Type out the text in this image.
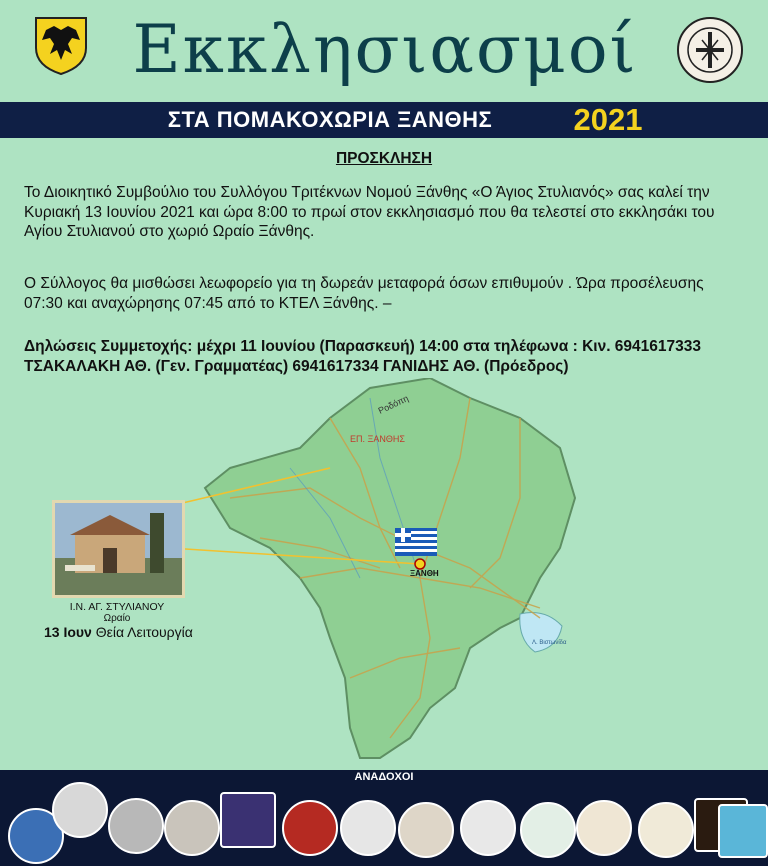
Εκκλησιασμοί
ΣΤΑ ΠΟΜΑΚΟΧΩΡΙΑ ΞΑΝΘΗΣ	2021
ΠΡΟΣΚΛΗΣΗ
Το Διοικητικό Συμβούλιο του Συλλόγου Τριτέκνων Νομού Ξάνθης «Ο Άγιος Στυλιανός» σας καλεί την Κυριακή 13 Ιουνίου 2021 και ώρα 8:00 το πρωί στον εκκλησιασμό που θα τελεστεί στο εκκλησάκι του Αγίου Στυλιανού στο χωριό Ωραίο Ξάνθης.
Ο Σύλλογος θα μισθώσει λεωφορείο για τη δωρεάν μεταφορά όσων επιθυμούν . Ώρα προσέλευσης 07:30 και αναχώρησης 07:45 από το ΚΤΕΛ Ξάνθης. –
Δηλώσεις Συμμετοχής: μέχρι 11 Ιουνίου (Παρασκευή) 14:00 στα τηλέφωνα : Κιν. 6941617333 ΤΣΑΚΑΛΑΚΗ ΑΘ. (Γεν. Γραμματέας) 6941617334 ΓΑΝΙΔΗΣ ΑΘ. (Πρόεδρος)
ΕΠ. ΞΑΝΘΗΣ
ΞΑΝΘΗ
Ροδόπη
Λ. Βιστωνίδα
Ι.Ν. ΑΓ. ΣΤΥΛΙΑΝΟΥ
Ωραίο
13 Ιουν Θεία Λειτουργία
ΑΝΑΔΟΧΟΙ
